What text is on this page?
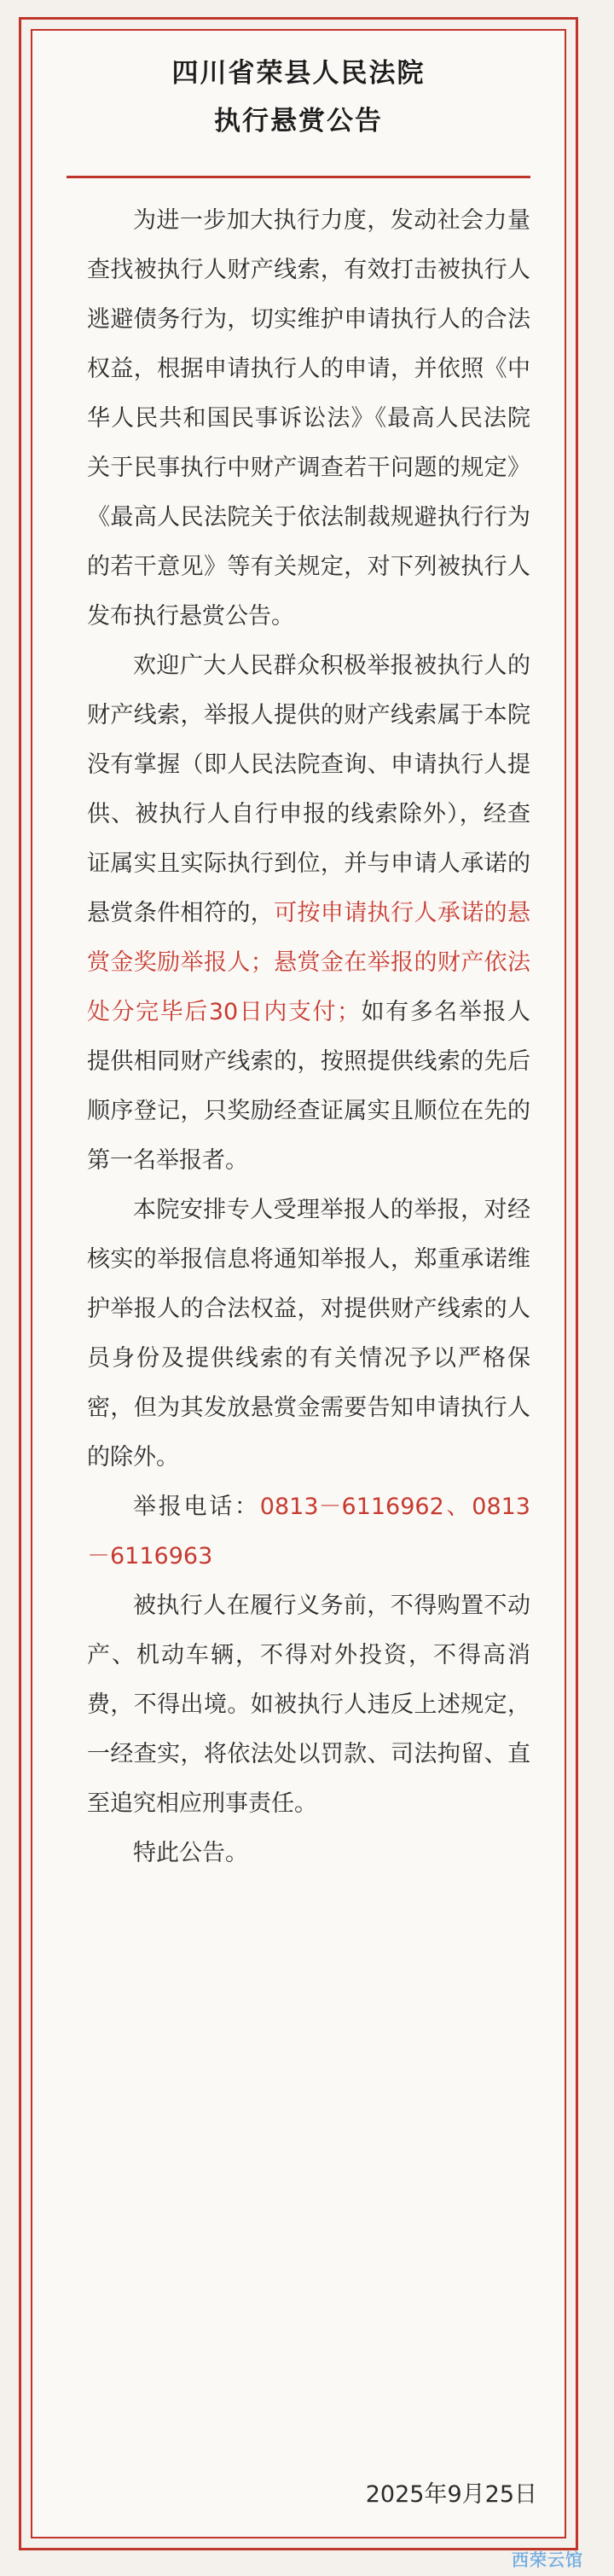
四川省荣县人民法院
执行悬赏公告

为进一步加大执行力度，发动社会力量查找被执行人财产线索，有效打击被执行人逃避债务行为，切实维护申请执行人的合法权益，根据申请执行人的申请，并依照《中华人民共和国民事诉讼法》《最高人民法院关于民事执行中财产调查若干问题的规定》《最高人民法院关于依法制裁规避执行行为的若干意见》等有关规定，对下列被执行人发布执行悬赏公告。

欢迎广大人民群众积极举报被执行人的财产线索，举报人提供的财产线索属于本院没有掌握（即人民法院查询、申请执行人提供、被执行人自行申报的线索除外），经查证属实且实际执行到位，并与申请人承诺的悬赏条件相符的，可按申请执行人承诺的悬赏金奖励举报人；悬赏金在举报的财产依法处分完毕后30日内支付；如有多名举报人提供相同财产线索的，按照提供线索的先后顺序登记，只奖励经查证属实且顺位在先的第一名举报者。

本院安排专人受理举报人的举报，对经核实的举报信息将通知举报人，郑重承诺维护举报人的合法权益，对提供财产线索的人员身份及提供线索的有关情况予以严格保密，但为其发放悬赏金需要告知申请执行人的除外。

举报电话：0813－6116962、0813－6116963

被执行人在履行义务前，不得购置不动产、机动车辆，不得对外投资，不得高消费，不得出境。如被执行人违反上述规定，一经查实，将依法处以罚款、司法拘留、直至追究相应刑事责任。

特此公告。

2025年9月25日
西荣云馆
